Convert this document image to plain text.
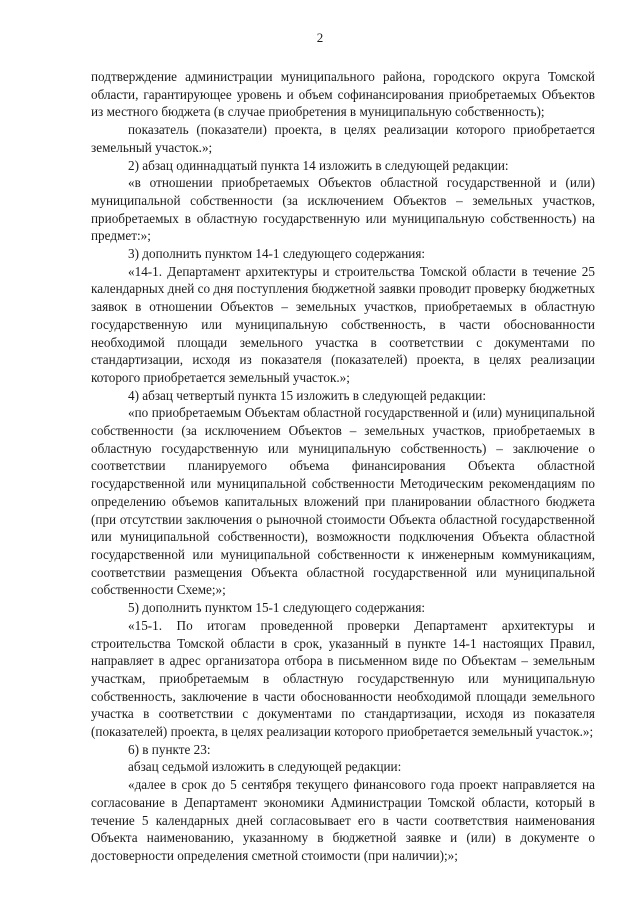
2

подтверждение администрации муниципального района, городского округа Томской области, гарантирующее уровень и объем софинансирования приобретаемых Объектов из местного бюджета (в случае приобретения в муниципальную собственность);

показатель (показатели) проекта, в целях реализации которого приобретается земельный участок.»;

2) абзац одиннадцатый пункта 14 изложить в следующей редакции:

«в отношении приобретаемых Объектов областной государственной и (или) муниципальной собственности (за исключением Объектов – земельных участков, приобретаемых в областную государственную или муниципальную собственность) на предмет:»;

3) дополнить пунктом 14-1 следующего содержания:

«14-1. Департамент архитектуры и строительства Томской области в течение 25 календарных дней со дня поступления бюджетной заявки проводит проверку бюджетных заявок в отношении Объектов – земельных участков, приобретаемых в областную государственную или муниципальную собственность, в части обоснованности необходимой площади земельного участка в соответствии с документами по стандартизации, исходя из показателя (показателей) проекта, в целях реализации которого приобретается земельный участок.»;

4) абзац четвертый пункта 15 изложить в следующей редакции:

«по приобретаемым Объектам областной государственной и (или) муниципальной собственности (за исключением Объектов – земельных участков, приобретаемых в областную государственную или муниципальную собственность) – заключение о соответствии планируемого объема финансирования Объекта областной государственной или муниципальной собственности Методическим рекомендациям по определению объемов капитальных вложений при планировании областного бюджета (при отсутствии заключения о рыночной стоимости Объекта областной государственной или муниципальной собственности), возможности подключения Объекта областной государственной или муниципальной собственности к инженерным коммуникациям, соответствии размещения Объекта областной государственной или муниципальной собственности Схеме;»;

5) дополнить пунктом 15-1 следующего содержания:

«15-1. По итогам проведенной проверки Департамент архитектуры и строительства Томской области в срок, указанный в пункте 14-1 настоящих Правил, направляет в адрес организатора отбора в письменном виде по Объектам – земельным участкам, приобретаемым в областную государственную или муниципальную собственность, заключение в части обоснованности необходимой площади земельного участка в соответствии с документами по стандартизации, исходя из показателя (показателей) проекта, в целях реализации которого приобретается земельный участок.»;

6) в пункте 23:

абзац седьмой изложить в следующей редакции:

«далее в срок до 5 сентября текущего финансового года проект направляется на согласование в Департамент экономики Администрации Томской области, который в течение 5 календарных дней согласовывает его в части соответствия наименования Объекта наименованию, указанному в бюджетной заявке и (или) в документе о достоверности определения сметной стоимости (при наличии);»;
